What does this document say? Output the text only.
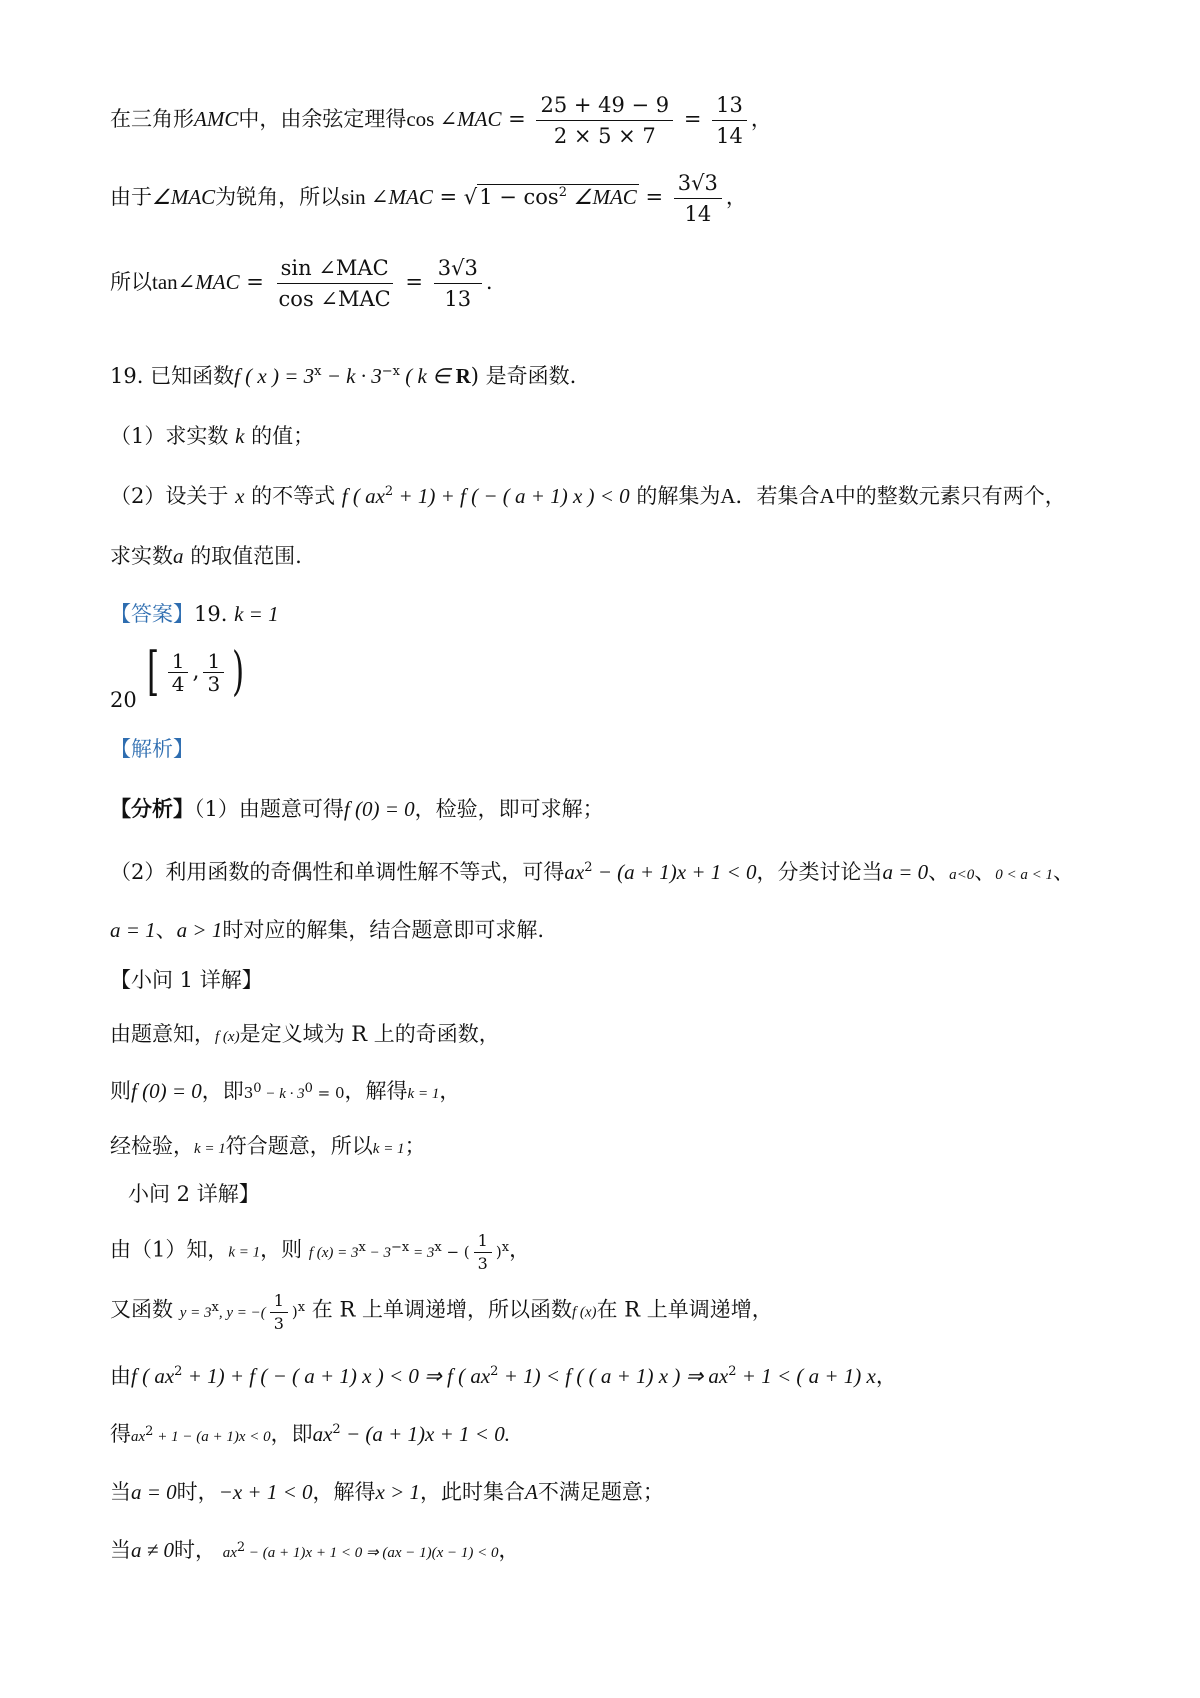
在三角形AMC中，由余弦定理得cos ∠MAC = $\frac{25 + 49 - 9}{2 \times 5 \times 7} = \frac{13}{14}$ ，
由于∠MAC为锐角，所以sin ∠MAC = $√1 - \cos^2$ ∠MAC = $\frac{3√3}{14}$ ，
所以tan∠MAC = $\frac{\text{sin ∠MAC}}{\text{cos ∠MAC}} = \frac{3√3}{13}$ .
19. 已知函数f ( x ) = $3^x - k \cdot 3^{-x}$ ( k ∈ R) 是奇函数.
（1）求实数 k 的值；
（2）设关于 x 的不等式 f ( $ax^2 + 1) + f$ ( − ( a + 1) x ) < 0 的解集为A．若集合A中的整数元素只有两个，
求实数a 的取值范围.
【答案】19. k = 1
20 [ $\frac{1}{4}$ , $\frac{1}{3}$ )
【解析】
【分析】（1）由题意可得f (0) = 0，检验，即可求解；
（2）利用函数的奇偶性和单调性解不等式，可得$ax^2 - (a + 1)x + 1 < 0$，分类讨论当a = 0、a<0、0 < a < 1、
a = 1、a > 1时对应的解集，结合题意即可求解.
【小问 1 详解】
由题意知，f (x)是定义域为 R 上的奇函数，
则f (0) = 0，即$3^0 - k \cdot 3^0 = 0$，解得k = 1，
经检验，k = 1符合题意，所以k = 1；
小问 2 详解】
由（1）知，k = 1，则 f $(x) = 3^x - 3^{-x} = 3^x$ − ( $\frac{1}{3} )^x$，
又函数 $y = 3^x$, y = −( $\frac{1}{3} )^x$ 在 R 上单调递增，所以函数f (x)在 R 上单调递增，
由f ( $ax^2 + 1) + f$ ( − ( a + 1) x ) < 0 ⇒ f ( $ax^2 + 1) < f$ ( ( a + 1) x ) ⇒ $ax^2 + 1$ < ( a + 1) x，
得$ax^2 + 1 - (a + 1)x < 0$，即$ax^2 - (a + 1)x + 1 < 0$.
当a = 0时，−x + 1 < 0，解得x > 1，此时集合A不满足题意；
当a ≠ 0时， $ax^2 - (a + 1)x + 1 < 0$ ⇒ (ax − 1)(x − 1) < 0，
